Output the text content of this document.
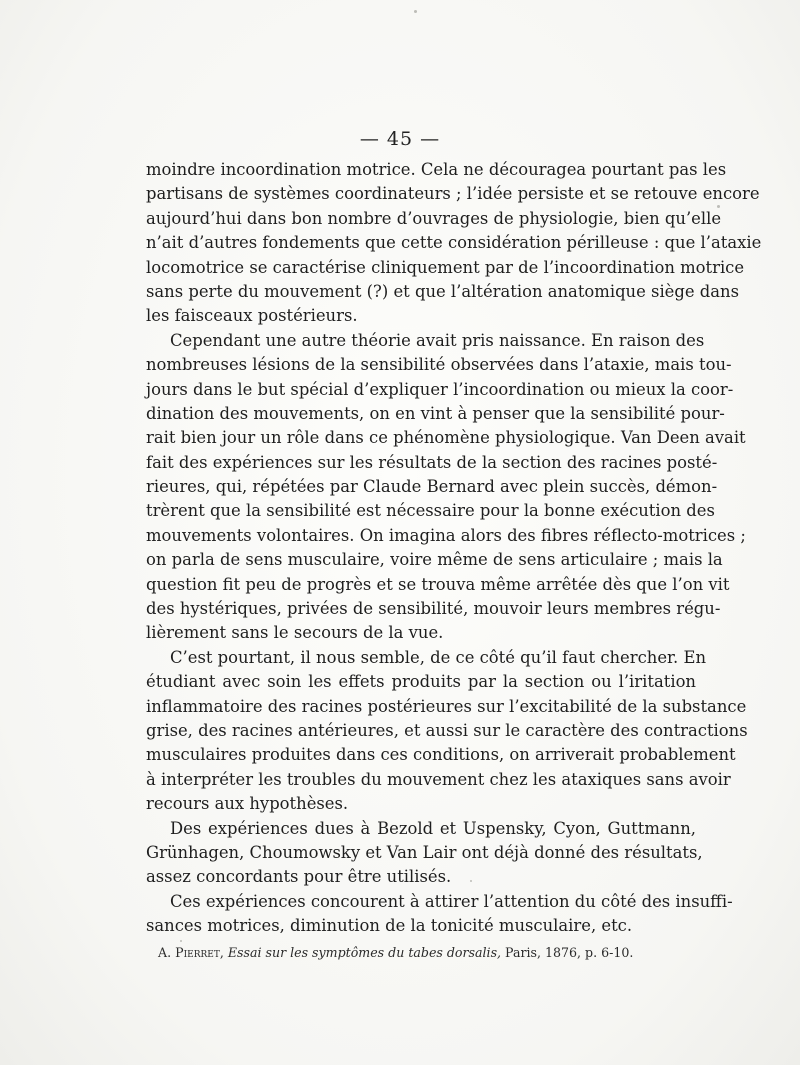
— 45 —
moindre incoordination motrice. Cela ne découragea pourtant pas les
partisans de systèmes coordinateurs ; l’idée persiste et se retouve encore
aujourd’hui dans bon nombre d’ouvrages de physiologie, bien qu’elle
n’ait d’autres fondements que cette considération périlleuse : que l’ataxie
locomotrice se caractérise cliniquement par de l’incoordination motrice
sans perte du mouvement (?) et que l’altération anatomique siège dans
les faisceaux postérieurs.
Cependant une autre théorie avait pris naissance. En raison des
nombreuses lésions de la sensibilité observées dans l’ataxie, mais tou-
jours dans le but spécial d’expliquer l’incoordination ou mieux la coor-
dination des mouvements, on en vint à penser que la sensibilité pour-
rait bien jour un rôle dans ce phénomène physiologique. Van Deen avait
fait des expériences sur les résultats de la section des racines posté-
rieures, qui, répétées par Claude Bernard avec plein succès, démon-
trèrent que la sensibilité est nécessaire pour la bonne exécution des
mouvements volontaires. On imagina alors des fibres réflecto-motrices ;
on parla de sens musculaire, voire même de sens articulaire ; mais la
question fit peu de progrès et se trouva même arrêtée dès que l’on vit
des hystériques, privées de sensibilité, mouvoir leurs membres régu-
lièrement sans le secours de la vue.
C’est pourtant, il nous semble, de ce côté qu’il faut chercher. En
étudiant avec soin les effets produits par la section ou l’iritation
inflammatoire des racines postérieures sur l’excitabilité de la substance
grise, des racines antérieures, et aussi sur le caractère des contractions
musculaires produites dans ces conditions, on arriverait probablement
à interpréter les troubles du mouvement chez les ataxiques sans avoir
recours aux hypothèses.
Des expériences dues à Bezold et Uspensky, Cyon, Guttmann,
Grünhagen, Choumowsky et Van Lair ont déjà donné des résultats,
assez concordants pour être utilisés.
Ces expériences concourent à attirer l’attention du côté des insuffi-
sances motrices, diminution de la tonicité musculaire, etc.
A. Pierret, Essai sur les symptômes du tabes dorsalis, Paris, 1876, p. 6-10.
